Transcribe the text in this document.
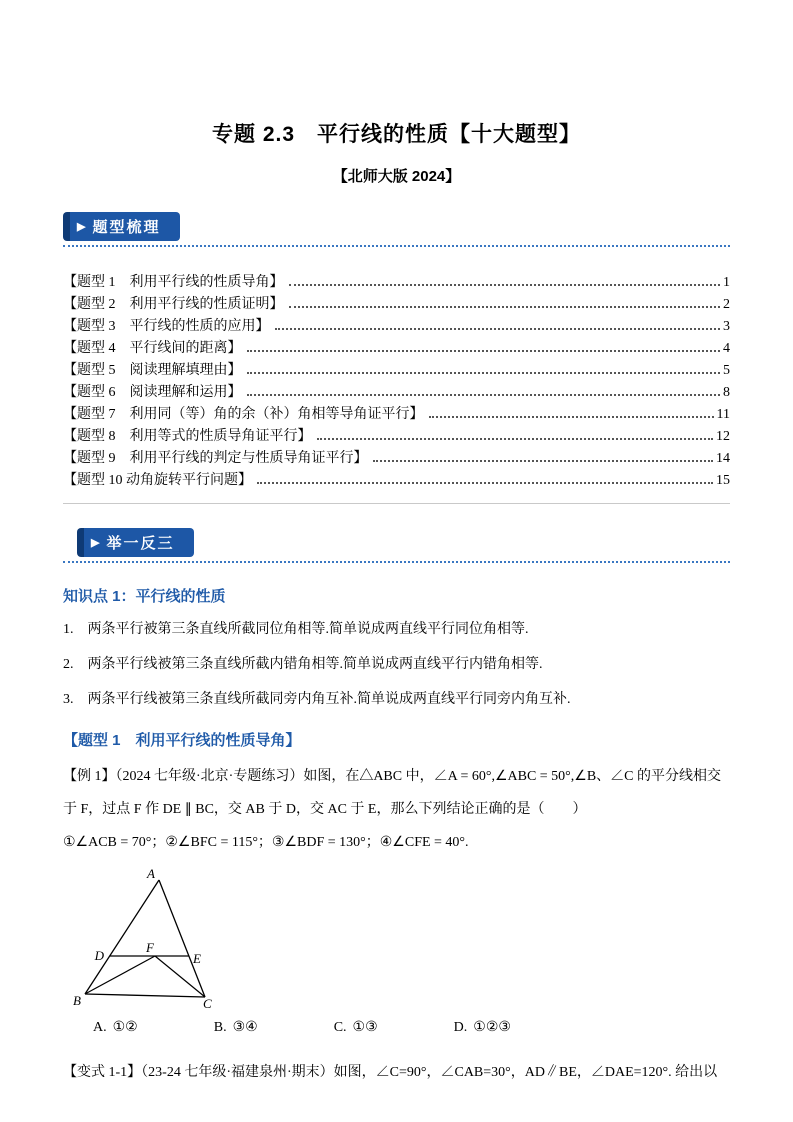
专题 2.3　平行线的性质【十大题型】
【北师大版 2024】
▶ 题型梳理
【题型 1　利用平行线的性质导角】	1
【题型 2　利用平行线的性质证明】	2
【题型 3　平行线的性质的应用】	3
【题型 4　平行线间的距离】	4
【题型 5　阅读理解填理由】	5
【题型 6　阅读理解和运用】	8
【题型 7　利用同（等）角的余（补）角相等导角证平行】	11
【题型 8　利用等式的性质导角证平行】	12
【题型 9　利用平行线的判定与性质导角证平行】	14
【题型 10 动角旋转平行问题】	15
▶ 举一反三
知识点 1：平行线的性质
1.　两条平行被第三条直线所截同位角相等.简单说成两直线平行同位角相等.
2.　两条平行线被第三条直线所截内错角相等.简单说成两直线平行内错角相等.
3.　两条平行线被第三条直线所截同旁内角互补.简单说成两直线平行同旁内角互补.
【题型 1　利用平行线的性质导角】
【例 1】（2024 七年级·北京·专题练习）如图，在△ABC 中，∠A = 60°,∠ABC = 50°,∠B、∠C 的平分线相交于 F，过点 F 作 DE ∥ BC，交 AB 于 D，交 AC 于 E，那么下列结论正确的是（　　）
①∠ACB = 70°；②∠BFC = 115°；③∠BDF = 130°；④∠CFE = 40°.
A
B	C
D	E
F
A. ①②	B. ③④	C. ①③	D. ①②③
【变式 1-1】（23-24 七年级·福建泉州·期末）如图，∠C=90°，∠CAB=30°，AD∥BE，∠DAE=120°. 给出以
